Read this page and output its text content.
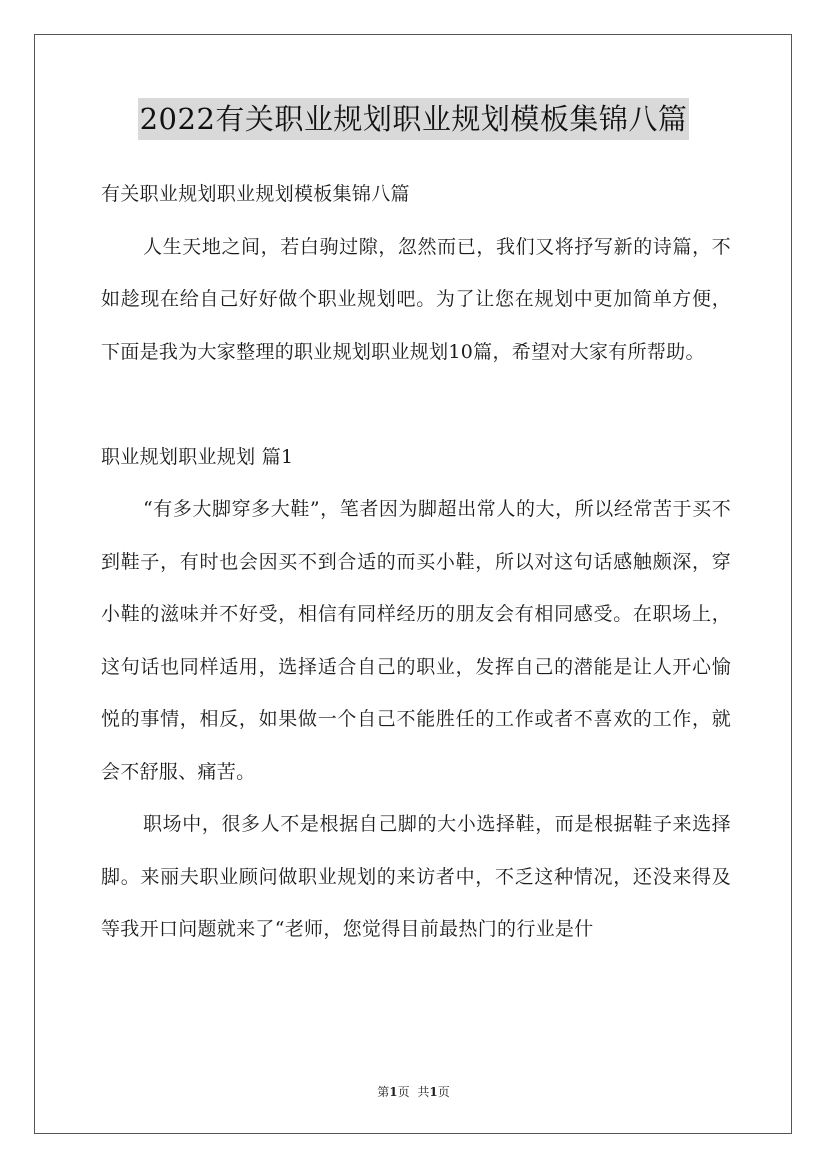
2022有关职业规划职业规划模板集锦八篇

有关职业规划职业规划模板集锦八篇

人生天地之间，若白驹过隙，忽然而已，我们又将抒写新的诗篇，不如趁现在给自己好好做个职业规划吧。为了让您在规划中更加简单方便，下面是我为大家整理的职业规划职业规划10篇，希望对大家有所帮助。

职业规划职业规划 篇1

“有多大脚穿多大鞋”，笔者因为脚超出常人的大，所以经常苦于买不到鞋子，有时也会因买不到合适的而买小鞋，所以对这句话感触颇深，穿小鞋的滋味并不好受，相信有同样经历的朋友会有相同感受。在职场上，这句话也同样适用，选择适合自己的职业，发挥自己的潜能是让人开心愉悦的事情，相反，如果做一个自己不能胜任的工作或者不喜欢的工作，就会不舒服、痛苦。

职场中，很多人不是根据自己脚的大小选择鞋，而是根据鞋子来选择脚。来丽夫职业顾问做职业规划的来访者中，不乏这种情况，还没来得及等我开口问题就来了“老师，您觉得目前最热门的行业是什

第1页 共1页
